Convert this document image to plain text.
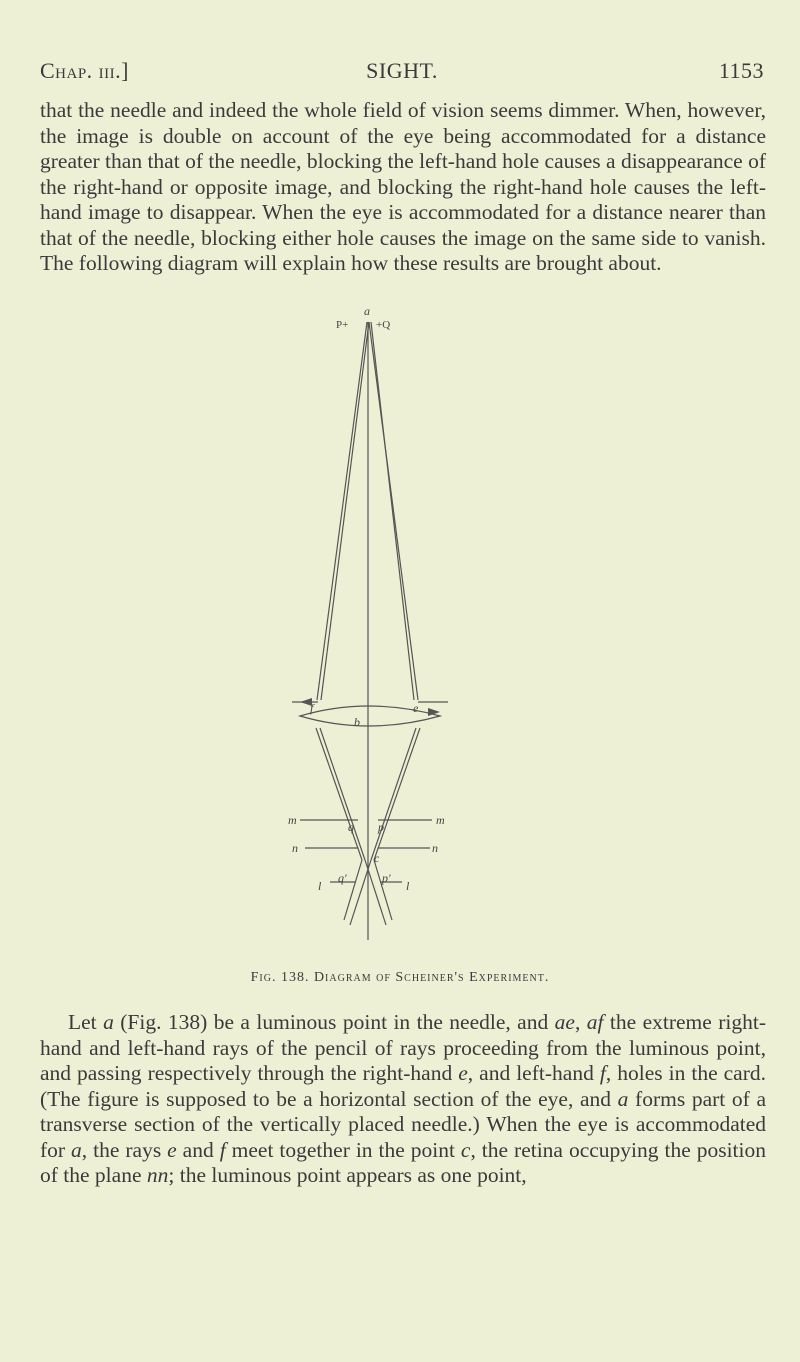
Chap. iii.]	SIGHT.	1153

that the needle and indeed the whole field of vision seems dimmer. When, however, the image is double on account of the eye being accommodated for a distance greater than that of the needle, blocking the left-hand hole causes a disappearance of the right-hand or opposite image, and blocking the right-hand hole causes the left-hand image to disappear. When the eye is accommodated for a distance nearer than that of the needle, blocking either hole causes the image on the same side to vanish. The following diagram will explain how these results are brought about.

a
P+	+Q
f
b
e
m	m
q p
n	n
c
l	l
q'	p'
Fig. 138. Diagram of Scheiner's Experiment.

Let a (Fig. 138) be a luminous point in the needle, and ae, af the extreme right-hand and left-hand rays of the pencil of rays proceeding from the luminous point, and passing respectively through the right-hand e, and left-hand f, holes in the card. (The figure is supposed to be a horizontal section of the eye, and a forms part of a transverse section of the vertically placed needle.) When the eye is accommodated for a, the rays e and f meet together in the point c, the retina occupying the position of the plane nn; the luminous point appears as one point,
